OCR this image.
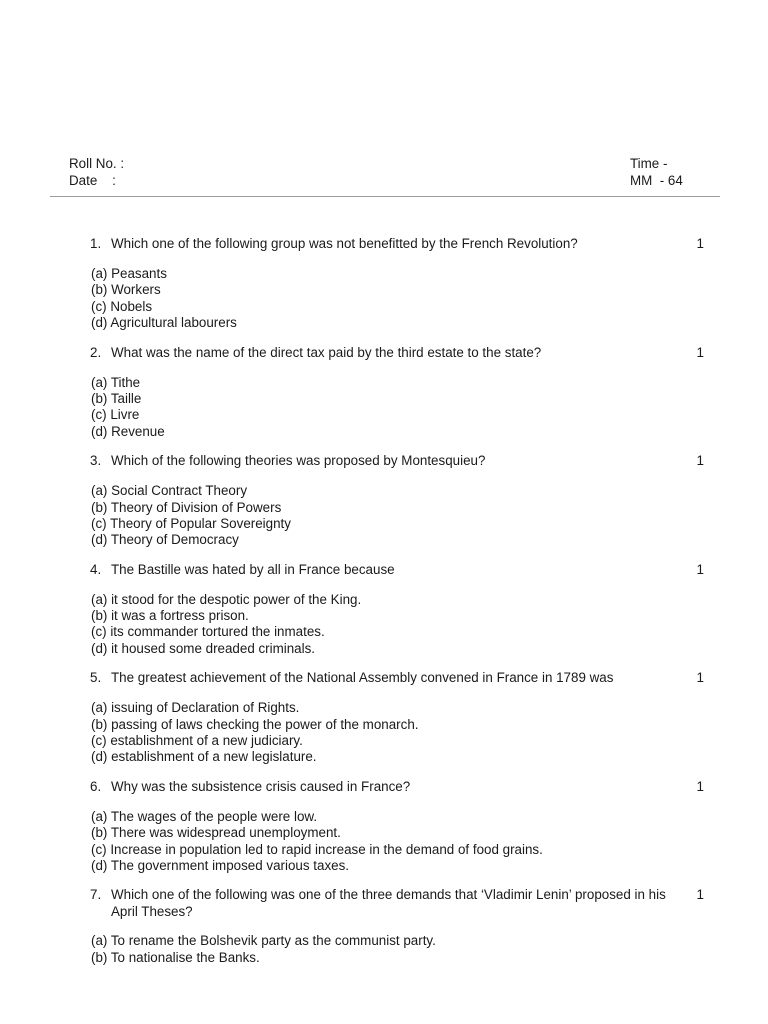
Roll No. :
Date    :
Time -
MM  - 64
1. Which one of the following group was not benefitted by the French Revolution?	1
(a) Peasants
(b) Workers
(c) Nobels
(d) Agricultural labourers
2. What was the name of the direct tax paid by the third estate to the state?	1
(a) Tithe
(b) Taille
(c) Livre
(d) Revenue
3. Which of the following theories was proposed by Montesquieu?	1
(a) Social Contract Theory
(b) Theory of Division of Powers
(c) Theory of Popular Sovereignty
(d) Theory of Democracy
4. The Bastille was hated by all in France because	1
(a) it stood for the despotic power of the King.
(b) it was a fortress prison.
(c) its commander tortured the inmates.
(d) it housed some dreaded criminals.
5. The greatest achievement of the National Assembly convened in France in 1789 was	1
(a) issuing of Declaration of Rights.
(b) passing of laws checking the power of the monarch.
(c) establishment of a new judiciary.
(d) establishment of a new legislature.
6. Why was the subsistence crisis caused in France?	1
(a) The wages of the people were low.
(b) There was widespread unemployment.
(c) Increase in population led to rapid increase in the demand of food grains.
(d) The government imposed various taxes.
7. Which one of the following was one of the three demands that ‘Vladimir Lenin’ proposed in his April Theses?
1
(a) To rename the Bolshevik party as the communist party.
(b) To nationalise the Banks.
